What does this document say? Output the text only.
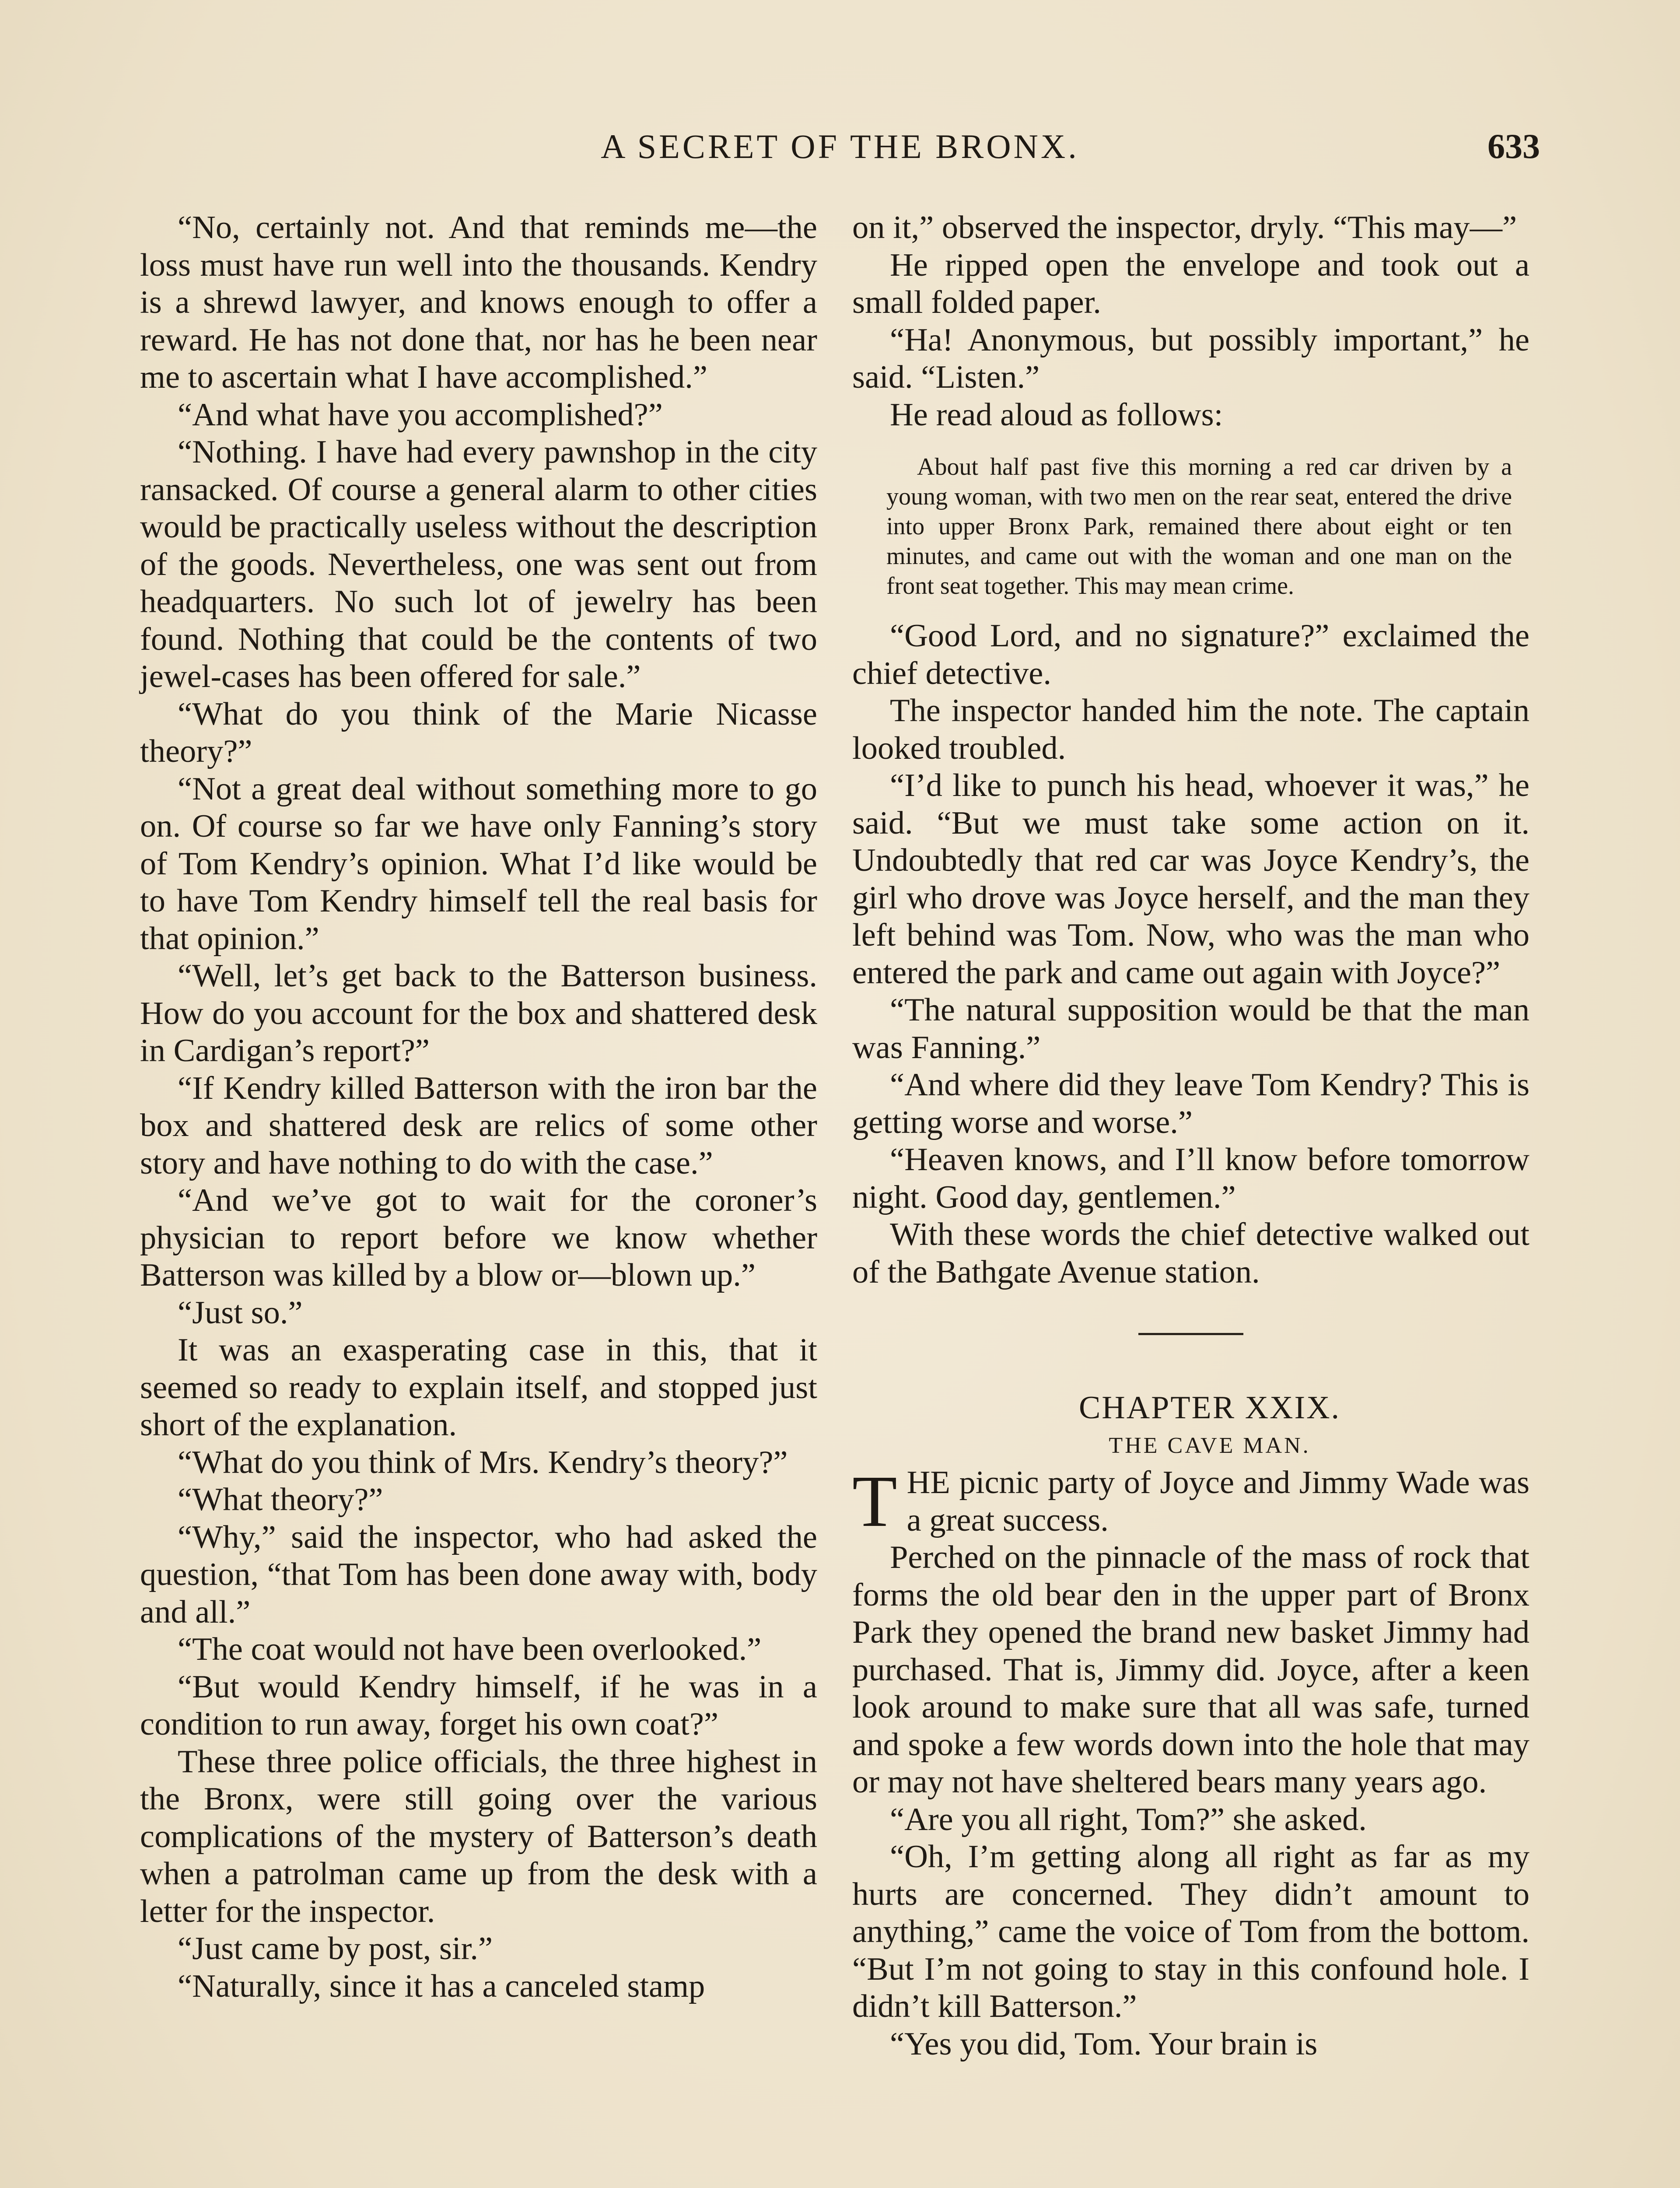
A SECRET OF THE BRONX.	633

“No, certainly not. And that reminds me—the loss must have run well into the thousands. Kendry is a shrewd lawyer, and knows enough to offer a reward. He has not done that, nor has he been near me to ascertain what I have accomplished.”

“And what have you accomplished?”

“Nothing. I have had every pawnshop in the city ransacked. Of course a general alarm to other cities would be practically useless without the description of the goods. Nevertheless, one was sent out from headquarters. No such lot of jewelry has been found. Nothing that could be the contents of two jewel-cases has been offered for sale.”

“What do you think of the Marie Nicasse theory?”

“Not a great deal without something more to go on. Of course so far we have only Fanning’s story of Tom Kendry’s opinion. What I’d like would be to have Tom Kendry himself tell the real basis for that opinion.”

“Well, let’s get back to the Batterson business. How do you account for the box and shattered desk in Cardigan’s report?”

“If Kendry killed Batterson with the iron bar the box and shattered desk are relics of some other story and have nothing to do with the case.”

“And we’ve got to wait for the coroner’s physician to report before we know whether Batterson was killed by a blow or—blown up.”

“Just so.”

It was an exasperating case in this, that it seemed so ready to explain itself, and stopped just short of the explanation.

“What do you think of Mrs. Kendry’s theory?”

“What theory?”

“Why,” said the inspector, who had asked the question, “that Tom has been done away with, body and all.”

“The coat would not have been overlooked.”

“But would Kendry himself, if he was in a condition to run away, forget his own coat?”

These three police officials, the three highest in the Bronx, were still going over the various complications of the mystery of Batterson’s death when a patrolman came up from the desk with a letter for the inspector.

“Just came by post, sir.”

“Naturally, since it has a canceled stamp

on it,” observed the inspector, dryly. “This may—”

He ripped open the envelope and took out a small folded paper.

“Ha! Anonymous, but possibly important,” he said. “Listen.”

He read aloud as follows:

About half past five this morning a red car driven by a young woman, with two men on the rear seat, entered the drive into upper Bronx Park, remained there about eight or ten minutes, and came out with the woman and one man on the front seat together. This may mean crime.

“Good Lord, and no signature?” exclaimed the chief detective.

The inspector handed him the note. The captain looked troubled.

“I’d like to punch his head, whoever it was,” he said. “But we must take some action on it. Undoubtedly that red car was Joyce Kendry’s, the girl who drove was Joyce herself, and the man they left behind was Tom. Now, who was the man who entered the park and came out again with Joyce?”

“The natural supposition would be that the man was Fanning.”

“And where did they leave Tom Kendry? This is getting worse and worse.”

“Heaven knows, and I’ll know before tomorrow night. Good day, gentlemen.”

With these words the chief detective walked out of the Bathgate Avenue station.

CHAPTER XXIX.

THE CAVE MAN.

THE picnic party of Joyce and Jimmy Wade was a great success.

Perched on the pinnacle of the mass of rock that forms the old bear den in the upper part of Bronx Park they opened the brand new basket Jimmy had purchased. That is, Jimmy did. Joyce, after a keen look around to make sure that all was safe, turned and spoke a few words down into the hole that may or may not have sheltered bears many years ago.

“Are you all right, Tom?” she asked.

“Oh, I’m getting along all right as far as my hurts are concerned. They didn’t amount to anything,” came the voice of Tom from the bottom. “But I’m not going to stay in this confound hole. I didn’t kill Batterson.”

“Yes you did, Tom. Your brain is
